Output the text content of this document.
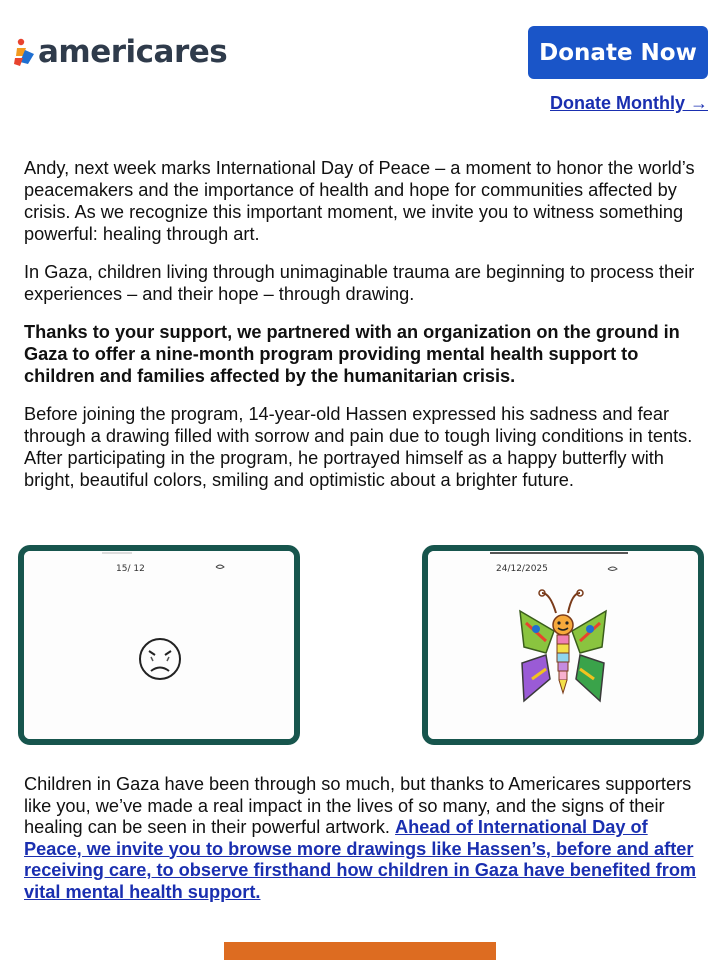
americares	Donate Now
Donate Monthly →

Andy, next week marks International Day of Peace – a moment to honor the world’s peacemakers and the importance of health and hope for communities affected by crisis. As we recognize this important moment, we invite you to witness something powerful: healing through art.

In Gaza, children living through unimaginable trauma are beginning to process their experiences – and their hope – through drawing.

Thanks to your support, we partnered with an organization on the ground in Gaza to offer a nine-month program providing mental health support to children and families affected by the humanitarian crisis.

Before joining the program, 14-year-old Hassen expressed his sadness and fear through a drawing filled with sorrow and pain due to tough living conditions in tents. After participating in the program, he portrayed himself as a happy butterfly with bright, beautiful colors, smiling and optimistic about a brighter future.

15/ 12	24/12/2025
Children in Gaza have been through so much, but thanks to Americares supporters like you, we’ve made a real impact in the lives of so many, and the signs of their healing can be seen in their powerful artwork. Ahead of International Day of Peace, we invite you to browse more drawings like Hassen’s, before and after receiving care, to observe firsthand how children in Gaza have benefited from vital mental health support.
